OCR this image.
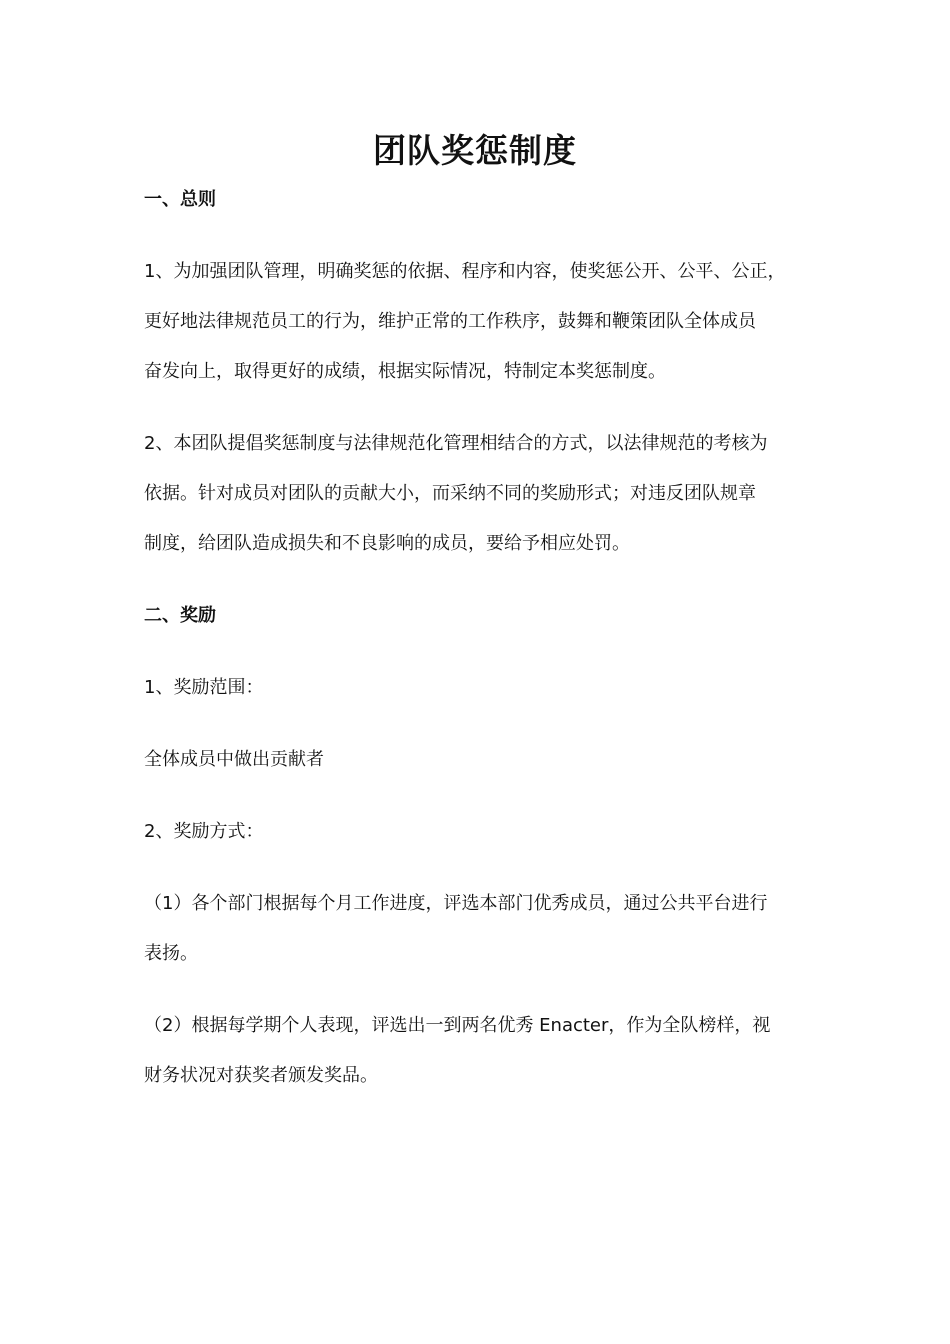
团队奖惩制度
一、总则
1、为加强团队管理，明确奖惩的依据、程序和内容，使奖惩公开、公平、公正，
更好地法律规范员工的行为，维护正常的工作秩序，鼓舞和鞭策团队全体成员
奋发向上，取得更好的成绩，根据实际情况，特制定本奖惩制度。
2、本团队提倡奖惩制度与法律规范化管理相结合的方式，以法律规范的考核为
依据。针对成员对团队的贡献大小，而采纳不同的奖励形式；对违反团队规章
制度，给团队造成损失和不良影响的成员，要给予相应处罚。
二、奖励
1、奖励范围：
全体成员中做出贡献者
2、奖励方式：
（1）各个部门根据每个月工作进度，评选本部门优秀成员，通过公共平台进行
表扬。
（2）根据每学期个人表现，评选出一到两名优秀 Enacter，作为全队榜样，视
财务状况对获奖者颁发奖品。
